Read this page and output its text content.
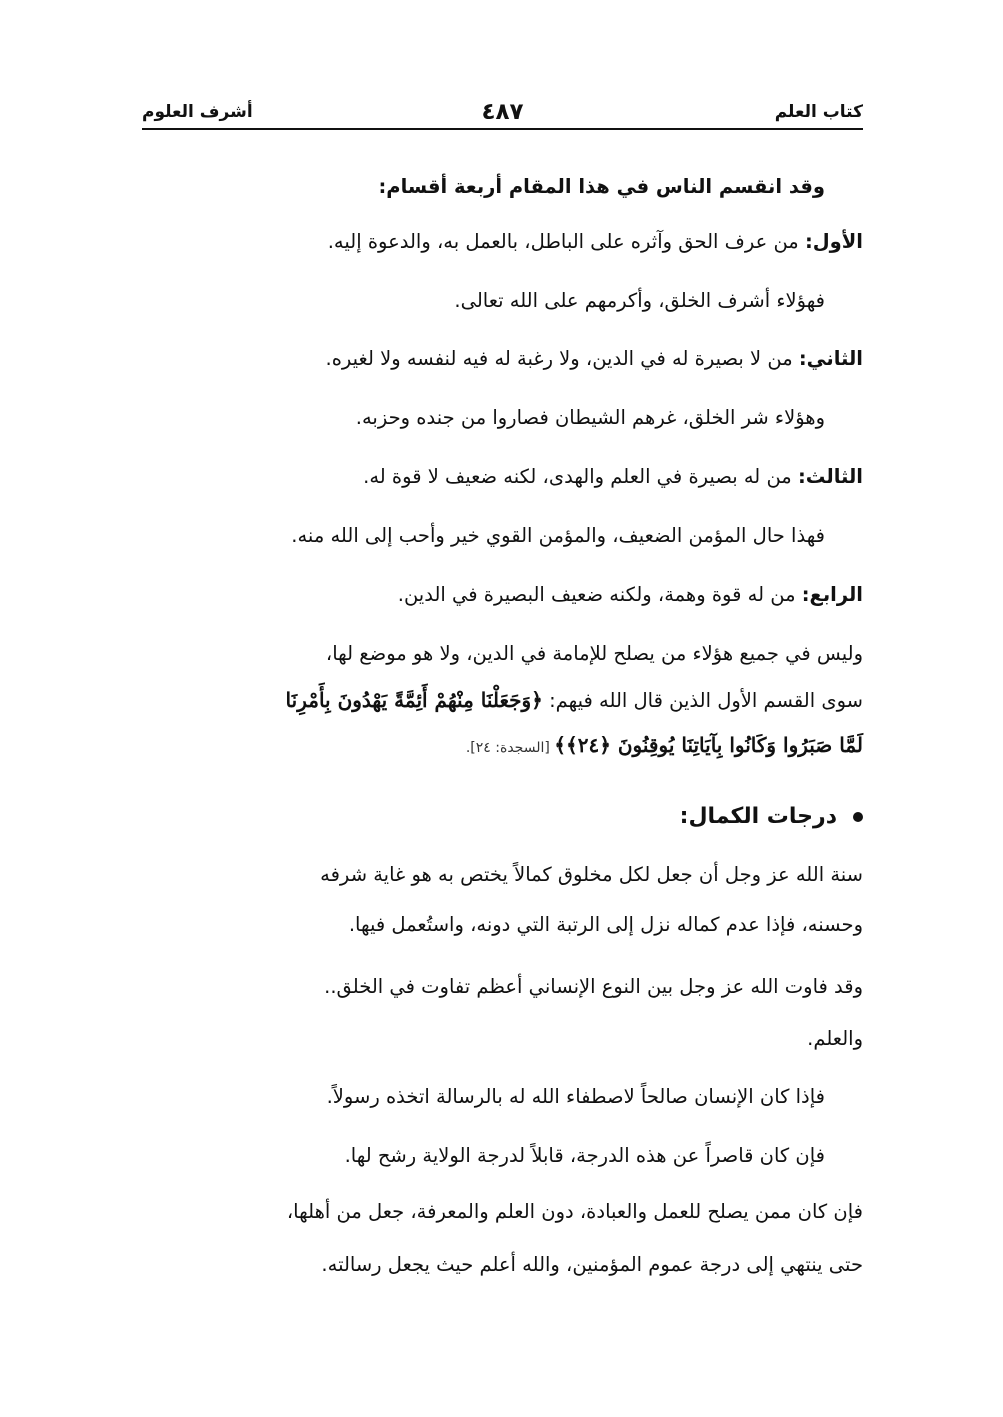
كتاب العلم
٤٨٧
أشرف العلوم
وقد انقسم الناس في هذا المقام أربعة أقسام:
الأول: من عرف الحق وآثره على الباطل، بالعمل به، والدعوة إليه.
فهؤلاء أشرف الخلق، وأكرمهم على الله تعالى.
الثاني: من لا بصيرة له في الدين، ولا رغبة له فيه لنفسه ولا لغيره.
وهؤلاء شر الخلق، غرهم الشيطان فصاروا من جنده وحزبه.
الثالث: من له بصيرة في العلم والهدى، لكنه ضعيف لا قوة له.
فهذا حال المؤمن الضعيف، والمؤمن القوي خير وأحب إلى الله منه.
الرابع: من له قوة وهمة، ولكنه ضعيف البصيرة في الدين.
وليس في جميع هؤلاء من يصلح للإمامة في الدين، ولا هو موضع لها،
سوى القسم الأول الذين قال الله فيهم: ﴿وَجَعَلْنَا مِنْهُمْ أَئِمَّةً يَهْدُونَ بِأَمْرِنَا
لَمَّا صَبَرُوا وَكَانُوا بِآيَاتِنَا يُوقِنُونَ ﴿٢٤﴾﴾ [السجدة: ٢٤].
درجات الكمال:
سنة الله عز وجل أن جعل لكل مخلوق كمالاً يختص به هو غاية شرفه
وحسنه، فإذا عدم كماله نزل إلى الرتبة التي دونه، واستُعمل فيها.
وقد فاوت الله عز وجل بين النوع الإنساني أعظم تفاوت في الخلق..
والعلم.
فإذا كان الإنسان صالحاً لاصطفاء الله له بالرسالة اتخذه رسولاً.
فإن كان قاصراً عن هذه الدرجة، قابلاً لدرجة الولاية رشح لها.
فإن كان ممن يصلح للعمل والعبادة، دون العلم والمعرفة، جعل من أهلها،
حتى ينتهي إلى درجة عموم المؤمنين، والله أعلم حيث يجعل رسالته.
